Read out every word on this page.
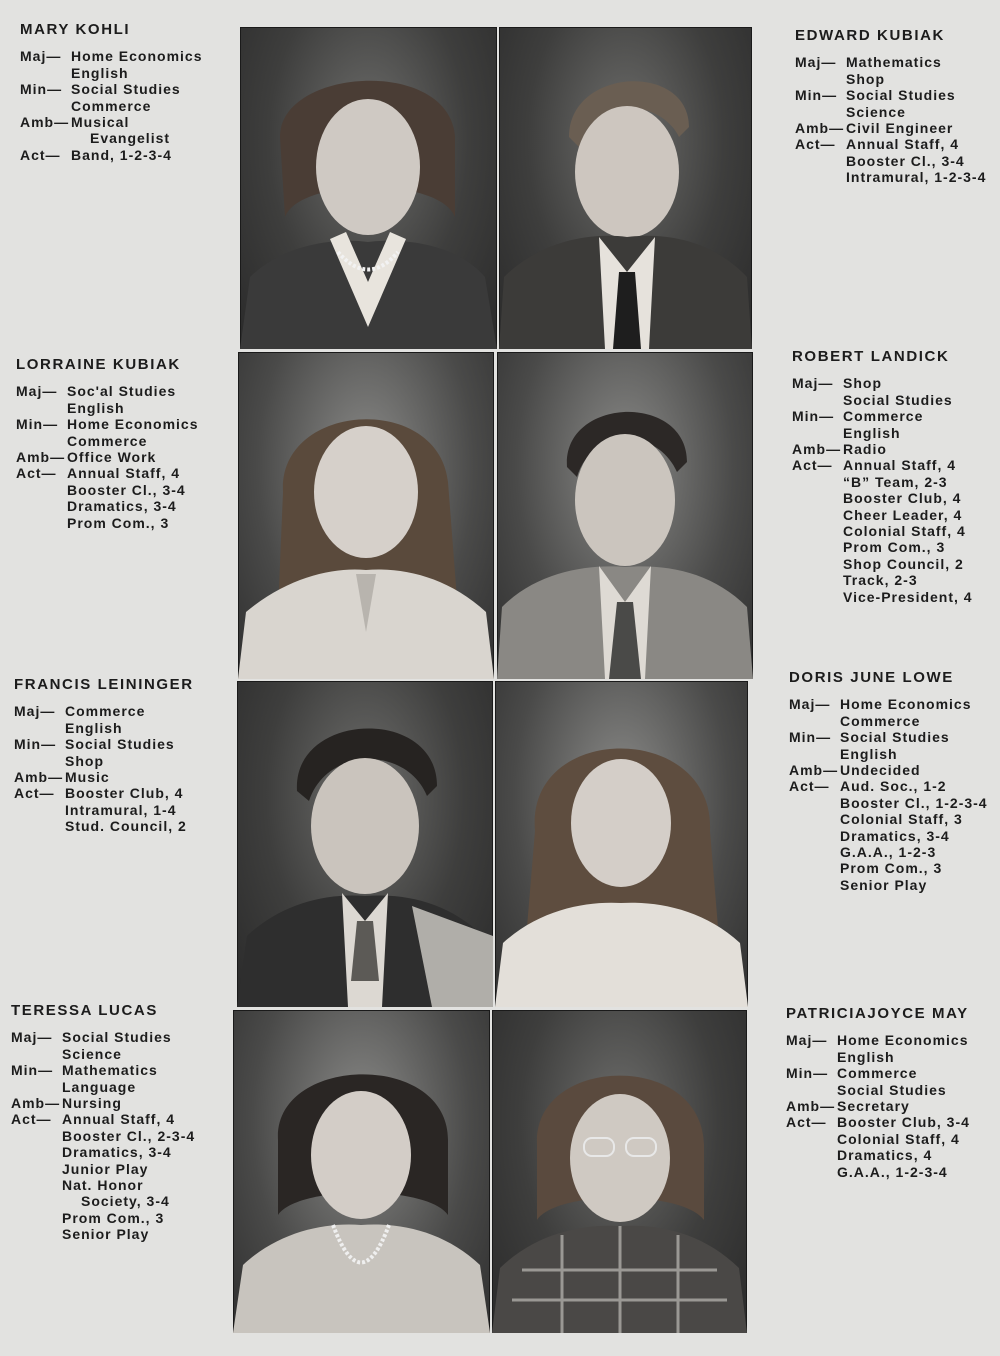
MARY KOHLI
Maj— Home Economics
English
Min— Social Studies
Commerce
Amb— Musical
Evangelist
Act— Band, 1-2-3-4
EDWARD KUBIAK
Maj— Mathematics
Shop
Min— Social Studies
Science
Amb— Civil Engineer
Act— Annual Staff, 4
Booster Cl., 3-4
Intramural, 1-2-3-4
LORRAINE KUBIAK
Maj— Soc'al Studies
English
Min— Home Economics
Commerce
Amb— Office Work
Act— Annual Staff, 4
Booster Cl., 3-4
Dramatics, 3-4
Prom Com., 3
ROBERT LANDICK
Maj— Shop
Social Studies
Min— Commerce
English
Amb— Radio
Act— Annual Staff, 4
“B” Team, 2-3
Booster Club, 4
Cheer Leader, 4
Colonial Staff, 4
Prom Com., 3
Shop Council, 2
Track, 2-3
Vice-President, 4
FRANCIS LEININGER
Maj— Commerce
English
Min— Social Studies
Shop
Amb— Music
Act— Booster Club, 4
Intramural, 1-4
Stud. Council, 2
DORIS JUNE LOWE
Maj— Home Economics
Commerce
Min— Social Studies
English
Amb— Undecided
Act— Aud. Soc., 1-2
Booster Cl., 1-2-3-4
Colonial Staff, 3
Dramatics, 3-4
G.A.A., 1-2-3
Prom Com., 3
Senior Play
TERESSA LUCAS
Maj— Social Studies
Science
Min— Mathematics
Language
Amb— Nursing
Act— Annual Staff, 4
Booster Cl., 2-3-4
Dramatics, 3-4
Junior Play
Nat. Honor
Society, 3-4
Prom Com., 3
Senior Play
PATRICIAJOYCE MAY
Maj— Home Economics
English
Min— Commerce
Social Studies
Amb— Secretary
Act— Booster Club, 3-4
Colonial Staff, 4
Dramatics, 4
G.A.A., 1-2-3-4
